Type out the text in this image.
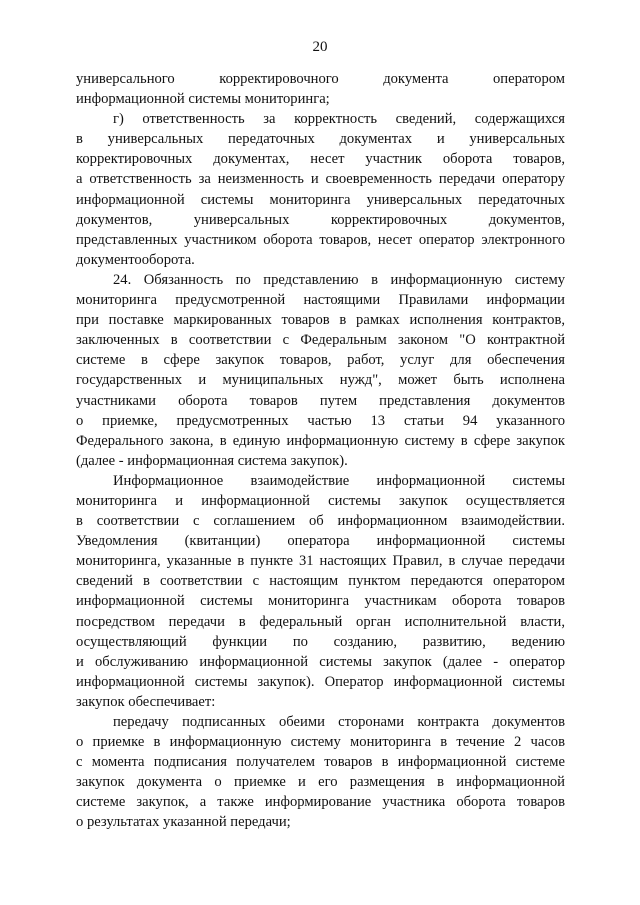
20
универсального корректировочного документа оператором
информационной системы мониторинга;
г) ответственность за корректность сведений, содержащихся
в универсальных передаточных документах и универсальных
корректировочных документах, несет участник оборота товаров,
а ответственность за неизменность и своевременность передачи оператору
информационной системы мониторинга универсальных передаточных
документов, универсальных корректировочных документов,
представленных участником оборота товаров, несет оператор электронного
документооборота.
24. Обязанность по представлению в информационную систему
мониторинга предусмотренной настоящими Правилами информации
при поставке маркированных товаров в рамках исполнения контрактов,
заключенных в соответствии с Федеральным законом "О контрактной
системе в сфере закупок товаров, работ, услуг для обеспечения
государственных и муниципальных нужд", может быть исполнена
участниками оборота товаров путем представления документов
о приемке, предусмотренных частью 13 статьи 94 указанного
Федерального закона, в единую информационную систему в сфере закупок
(далее - информационная система закупок).
Информационное взаимодействие информационной системы
мониторинга и информационной системы закупок осуществляется
в соответствии с соглашением об информационном взаимодействии.
Уведомления (квитанции) оператора информационной системы
мониторинга, указанные в пункте 31 настоящих Правил, в случае передачи
сведений в соответствии с настоящим пунктом передаются оператором
информационной системы мониторинга участникам оборота товаров
посредством передачи в федеральный орган исполнительной власти,
осуществляющий функции по созданию, развитию, ведению
и обслуживанию информационной системы закупок (далее - оператор
информационной системы закупок). Оператор информационной системы
закупок обеспечивает:
передачу подписанных обеими сторонами контракта документов
о приемке в информационную систему мониторинга в течение 2 часов
с момента подписания получателем товаров в информационной системе
закупок документа о приемке и его размещения в информационной
системе закупок, а также информирование участника оборота товаров
о результатах указанной передачи;
